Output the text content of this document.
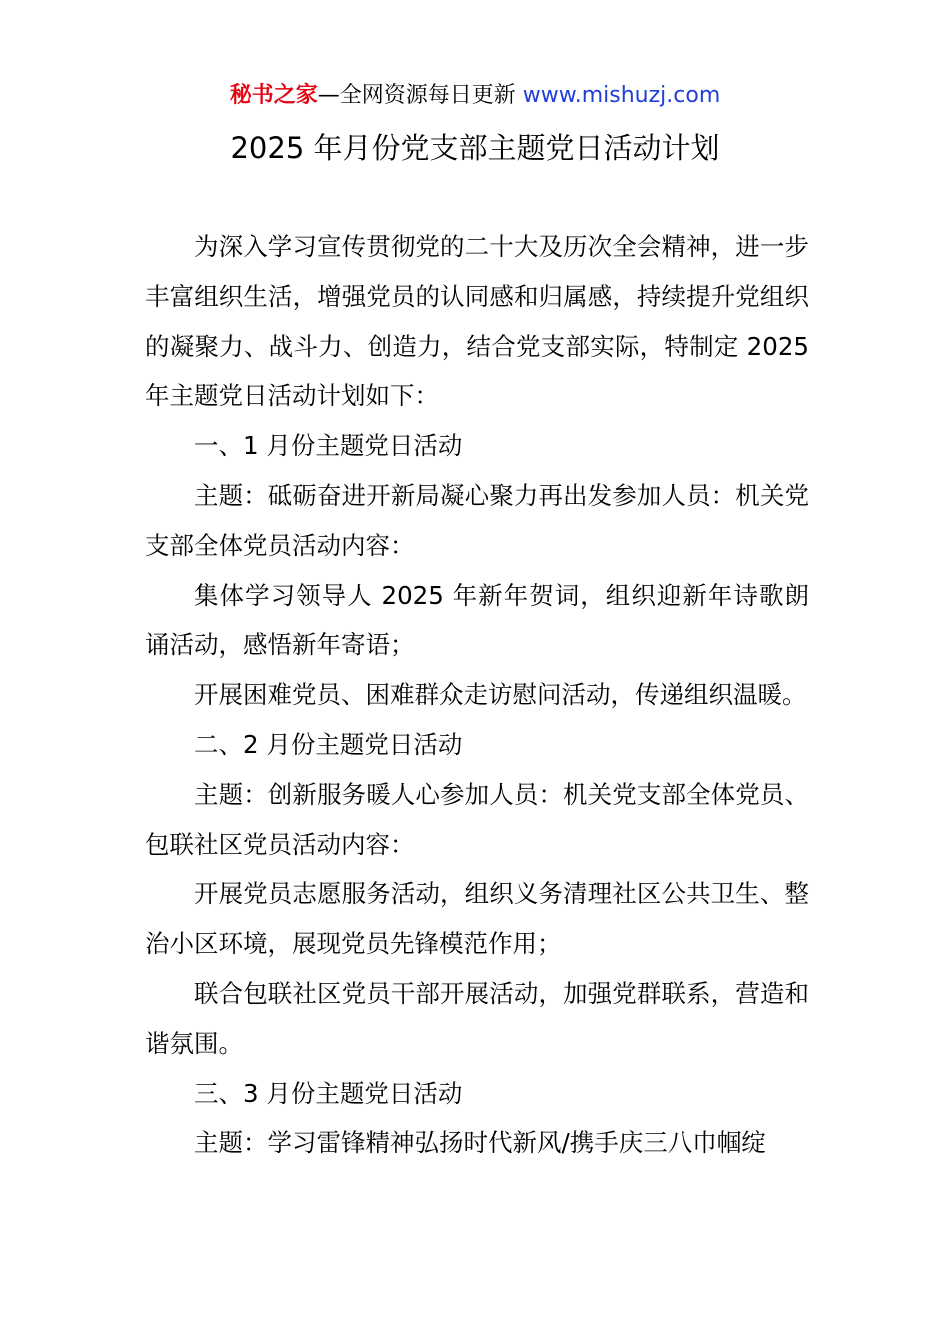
秘书之家—全网资源每日更新 www.mishuzj.com
2025 年月份党支部主题党日活动计划

为深入学习宣传贯彻党的二十大及历次全会精神，进一步丰富组织生活，增强党员的认同感和归属感，持续提升党组织的凝聚力、战斗力、创造力，结合党支部实际，特制定 2025 年主题党日活动计划如下：

一、1 月份主题党日活动

主题：砥砺奋进开新局凝心聚力再出发参加人员：机关党支部全体党员活动内容：

集体学习领导人 2025 年新年贺词，组织迎新年诗歌朗诵活动，感悟新年寄语；

开展困难党员、困难群众走访慰问活动，传递组织温暖。

二、2 月份主题党日活动

主题：创新服务暖人心参加人员：机关党支部全体党员、包联社区党员活动内容：

开展党员志愿服务活动，组织义务清理社区公共卫生、整治小区环境，展现党员先锋模范作用；

联合包联社区党员干部开展活动，加强党群联系，营造和谐氛围。

三、3 月份主题党日活动

主题：学习雷锋精神弘扬时代新风/携手庆三八巾帼绽
